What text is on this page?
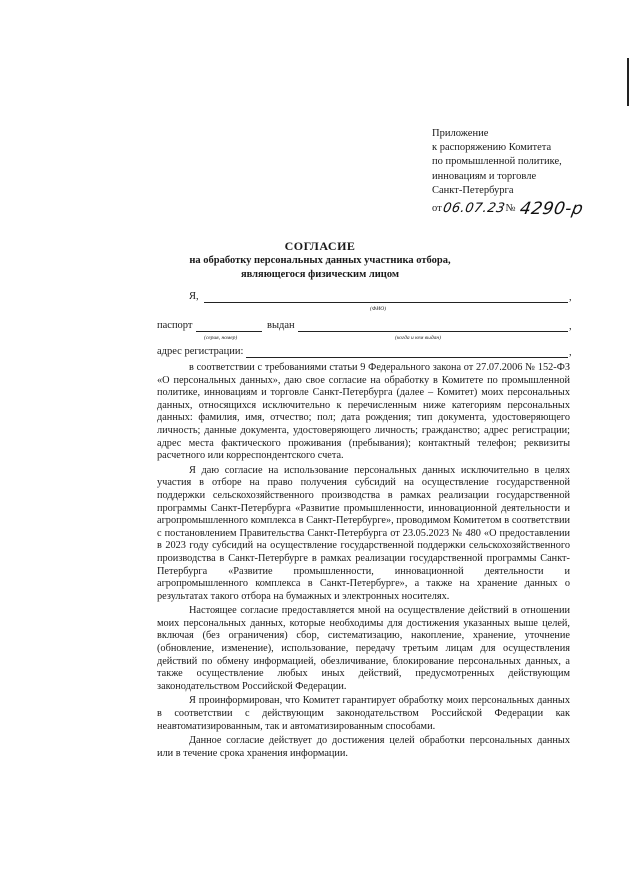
Приложение
к распоряжению Комитета
по промышленной политике,
инновациям и торговле
Санкт-Петербурга
от 06.07.23 № 4290-р
СОГЛАСИЕ
на обработку персональных данных участника отбора,
являющегося физическим лицом
Я,	,
(ФИО)
паспорт	выдан	,
(серия, номер)	(когда и кем выдан)
адрес регистрации:	,

в соответствии с требованиями статьи 9 Федерального закона от 27.07.2006 № 152-ФЗ «О персональных данных», даю свое согласие на обработку в Комитете по промышленной политике, инновациям и торговле Санкт-Петербурга (далее – Комитет) моих персональных данных, относящихся исключительно к перечисленным ниже категориям персональных данных: фамилия, имя, отчество; пол; дата рождения; тип документа, удостоверяющего личность; данные документа, удостоверяющего личность; гражданство; адрес регистрации; адрес места фактического проживания (пребывания); контактный телефон; реквизиты расчетного или корреспондентского счета.

Я даю согласие на использование персональных данных исключительно в целях участия в отборе на право получения субсидий на осуществление государственной поддержки сельскохозяйственного производства в рамках реализации государственной программы Санкт-Петербурга «Развитие промышленности, инновационной деятельности и агропромышленного комплекса в Санкт-Петербурге», проводимом Комитетом в соответствии с постановлением Правительства Санкт-Петербурга от 23.05.2023 № 480 «О предоставлении в 2023 году субсидий на осуществление государственной поддержки сельскохозяйственного производства в Санкт-Петербурге в рамках реализации государственной программы Санкт-Петербурга «Развитие промышленности, инновационной деятельности и агропромышленного комплекса в Санкт-Петербурге», а также на хранение данных о результатах такого отбора на бумажных и электронных носителях.

Настоящее согласие предоставляется мной на осуществление действий в отношении моих персональных данных, которые необходимы для достижения указанных выше целей, включая (без ограничения) сбор, систематизацию, накопление, хранение, уточнение (обновление, изменение), использование, передачу третьим лицам для осуществления действий по обмену информацией, обезличивание, блокирование персональных данных, а также осуществление любых иных действий, предусмотренных действующим законодательством Российской Федерации.

Я проинформирован, что Комитет гарантирует обработку моих персональных данных в соответствии с действующим законодательством Российской Федерации как неавтоматизированным, так и автоматизированным способами.

Данное согласие действует до достижения целей обработки персональных данных или в течение срока хранения информации.
